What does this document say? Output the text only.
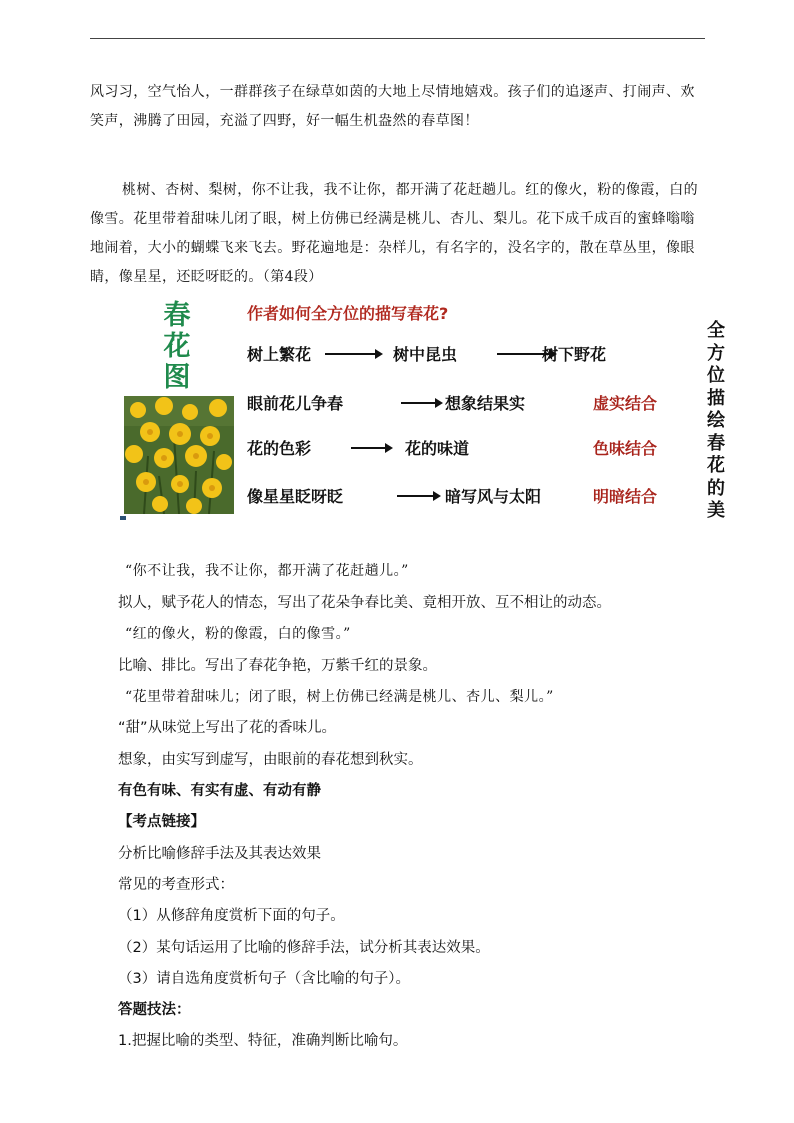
风习习，空气怡人，一群群孩子在绿草如茵的大地上尽情地嬉戏。孩子们的追逐声、打闹声、欢笑声，沸腾了田园，充溢了四野，好一幅生机盎然的春草图！
桃树、杏树、梨树，你不让我，我不让你，都开满了花赶趟儿。红的像火，粉的像霞，白的像雪。花里带着甜味儿闭了眼，树上仿佛已经满是桃儿、杏儿、梨儿。花下成千成百的蜜蜂嗡嗡地闹着，大小的蝴蝶飞来飞去。野花遍地是：杂样儿，有名字的，没名字的，散在草丛里，像眼睛，像星星，还眨呀眨的。（第4段）
春
花
图
作者如何全方位的描写春花?
树上繁花	树中昆虫	树下野花
眼前花儿争春	想象结果实	虚实结合
花的色彩	花的味道	色味结合
像星星眨呀眨	暗写风与太阳	明暗结合
全
方
位
描
绘
春
花
的
美
“你不让我，我不让你，都开满了花赶趟儿。”
拟人，赋予花人的情态，写出了花朵争春比美、竟相开放、互不相让的动态。
“红的像火，粉的像霞，白的像雪。”
比喻、排比。写出了春花争艳，万紫千红的景象。
“花里带着甜味儿；闭了眼，树上仿佛已经满是桃儿、杏儿、梨儿。”
“甜”从味觉上写出了花的香味儿。
想象，由实写到虚写，由眼前的春花想到秋实。
有色有味、有实有虚、有动有静
【考点链接】
分析比喻修辞手法及其表达效果
常见的考查形式：
（1）从修辞角度赏析下面的句子。
（2）某句话运用了比喻的修辞手法，试分析其表达效果。
（3）请自选角度赏析句子（含比喻的句子）。
答题技法：
1.把握比喻的类型、特征，准确判断比喻句。
